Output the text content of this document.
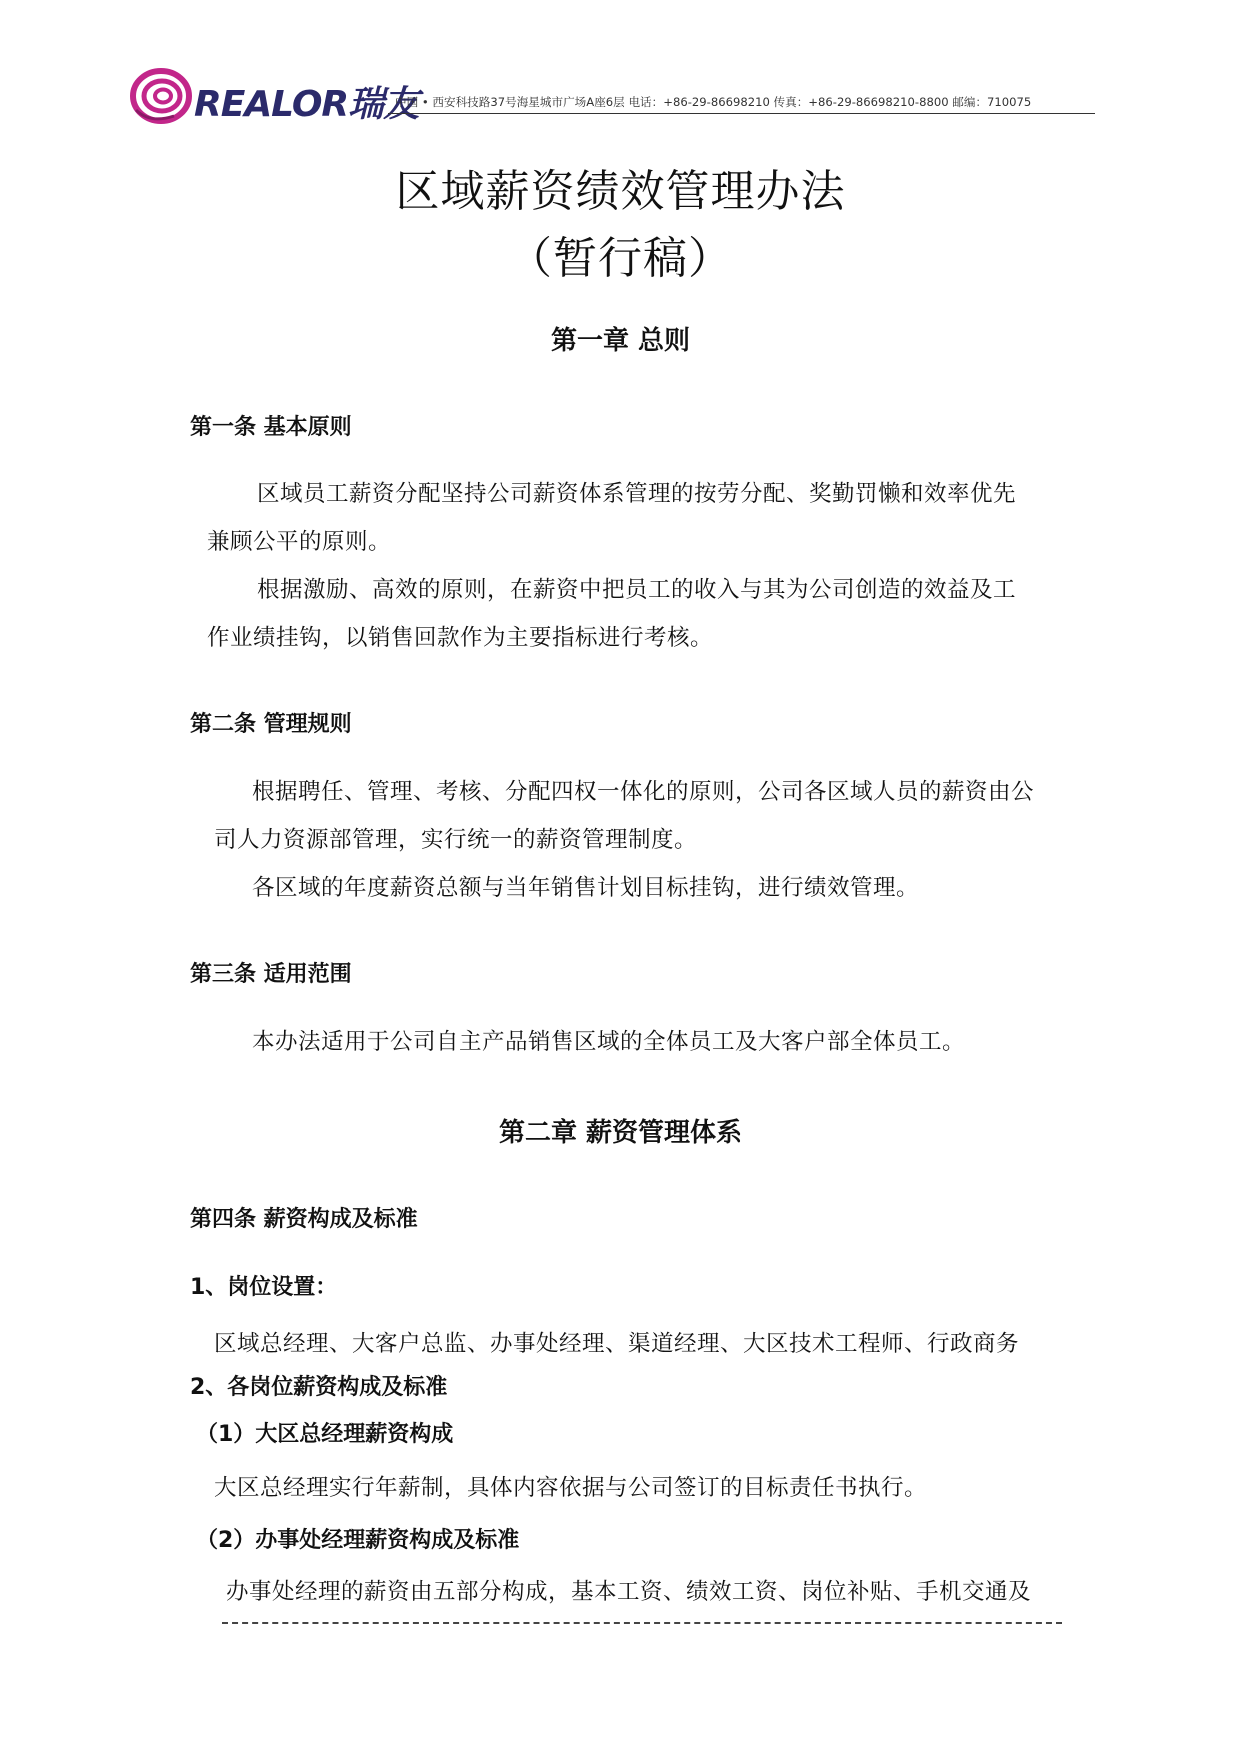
REALOR瑞友
中国 • 西安科技路37号海星城市广场A座6层 电话：+86-29-86698210 传真：+86-29-86698210-8800 邮编：710075
区域薪资绩效管理办法
（暂行稿）
第一章 总则
第一条 基本原则
区域员工薪资分配坚持公司薪资体系管理的按劳分配、奖勤罚懒和效率优先
兼顾公平的原则。
根据激励、高效的原则，在薪资中把员工的收入与其为公司创造的效益及工
作业绩挂钩，以销售回款作为主要指标进行考核。
第二条 管理规则
根据聘任、管理、考核、分配四权一体化的原则，公司各区域人员的薪资由公
司人力资源部管理，实行统一的薪资管理制度。
各区域的年度薪资总额与当年销售计划目标挂钩，进行绩效管理。
第三条 适用范围
本办法适用于公司自主产品销售区域的全体员工及大客户部全体员工。
第二章 薪资管理体系
第四条 薪资构成及标准
1、岗位设置：
区域总经理、大客户总监、办事处经理、渠道经理、大区技术工程师、行政商务
2、各岗位薪资构成及标准
（1）大区总经理薪资构成
大区总经理实行年薪制，具体内容依据与公司签订的目标责任书执行。
（2）办事处经理薪资构成及标准
办事处经理的薪资由五部分构成，基本工资、绩效工资、岗位补贴、手机交通及
